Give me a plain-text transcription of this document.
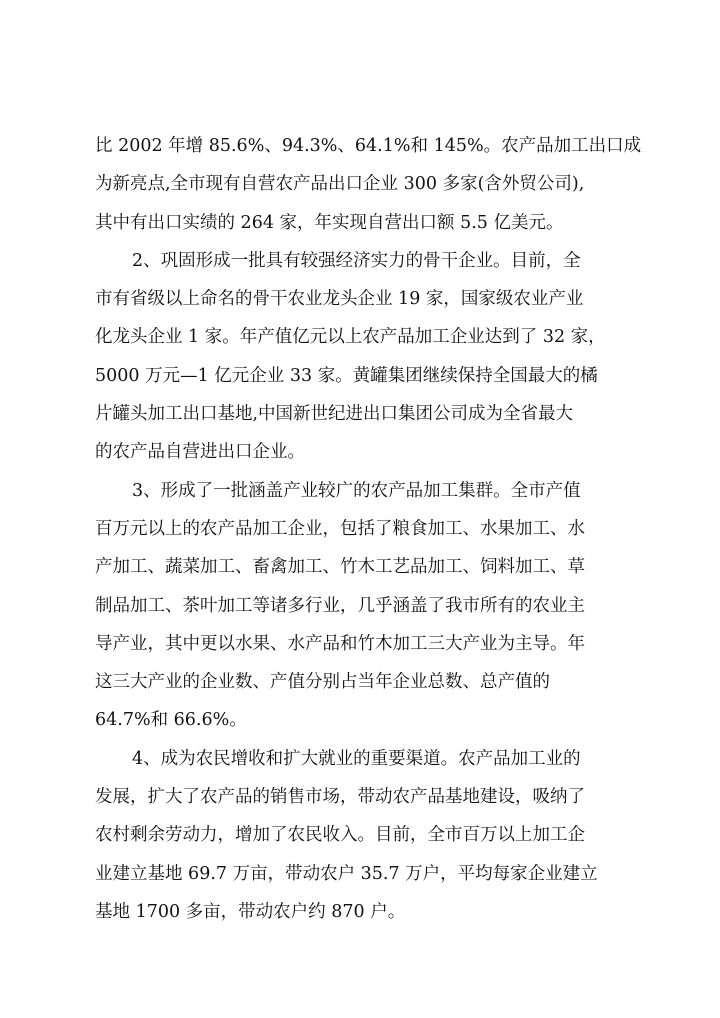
比 2002 年增 85.6%、94.3%、64.1%和 145%。农产品加工出口成
为新亮点,全市现有自营农产品出口企业 300 多家(含外贸公司),
其中有出口实绩的 264 家，年实现自营出口额 5.5 亿美元。
2、巩固形成一批具有较强经济实力的骨干企业。目前，全
市有省级以上命名的骨干农业龙头企业 19 家，国家级农业产业
化龙头企业 1 家。年产值亿元以上农产品加工企业达到了 32 家，
5000 万元—1 亿元企业 33 家。黄罐集团继续保持全国最大的橘
片罐头加工出口基地,中国新世纪进出口集团公司成为全省最大
的农产品自营进出口企业。
3、形成了一批涵盖产业较广的农产品加工集群。全市产值
百万元以上的农产品加工企业，包括了粮食加工、水果加工、水
产加工、蔬菜加工、畜禽加工、竹木工艺品加工、饲料加工、草
制品加工、茶叶加工等诸多行业，几乎涵盖了我市所有的农业主
导产业，其中更以水果、水产品和竹木加工三大产业为主导。年
这三大产业的企业数、产值分别占当年企业总数、总产值的
64.7%和 66.6%。
4、成为农民增收和扩大就业的重要渠道。农产品加工业的
发展，扩大了农产品的销售市场，带动农产品基地建设，吸纳了
农村剩余劳动力，增加了农民收入。目前，全市百万以上加工企
业建立基地 69.7 万亩，带动农户 35.7 万户，平均每家企业建立
基地 1700 多亩，带动农户约 870 户。
